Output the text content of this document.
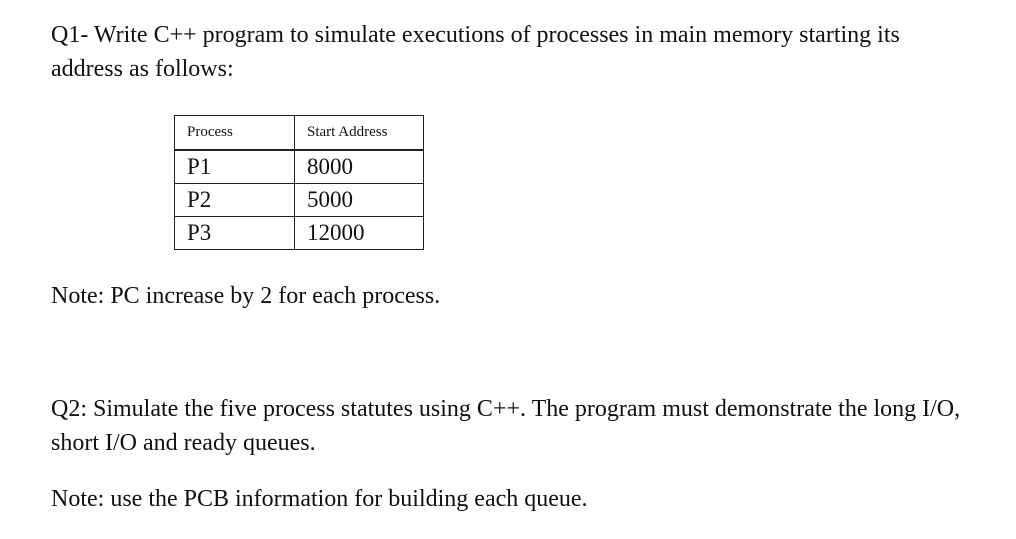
Q1- Write C++ program to simulate executions of processes in main memory starting its address as follows:

Process	Start Address
P1	8000
P2	5000
P3	12000

Note: PC increase by 2 for each process.

Q2: Simulate the five process statutes using C++. The program must demonstrate the long I/O, short I/O and ready queues.

Note: use the PCB information for building each queue.
